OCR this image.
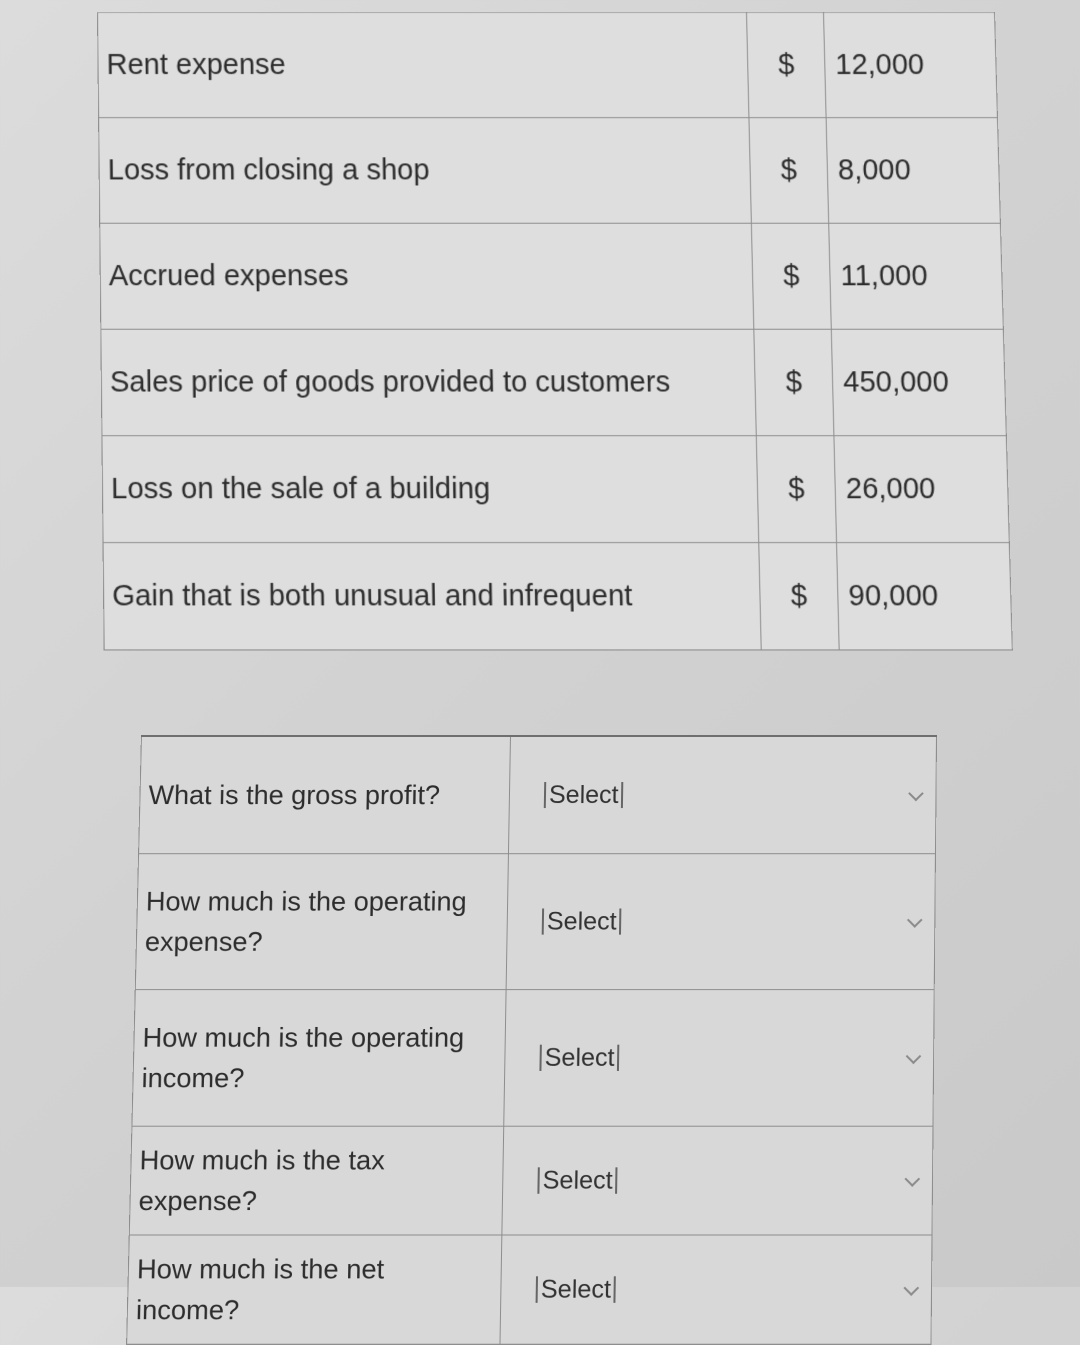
Rent expense	$	12,000
Loss from closing a shop	$	8,000
Accrued expenses	$	11,000
Sales price of goods provided to customers	$	450,000
Loss on the sale of a building	$	26,000
Gain that is both unusual and infrequent	$	90,000
What is the gross profit?	Select

How much is the operating expense?	Select

How much is the operating income?	Select

How much is the tax expense?	Select

How much is the net income?	Select
